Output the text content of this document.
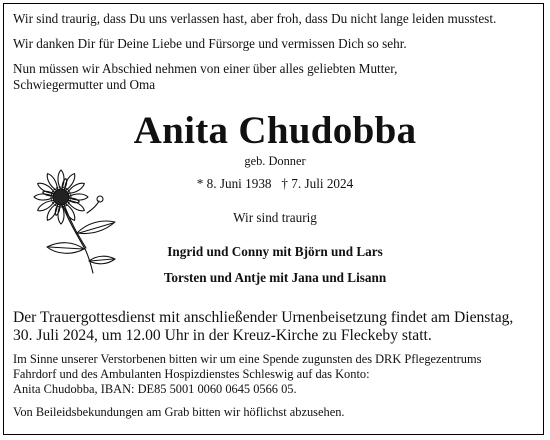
Wir sind traurig, dass Du uns verlassen hast, aber froh, dass Du nicht lange leiden musstest.
Wir danken Dir für Deine Liebe und Fürsorge und vermissen Dich so sehr.
Nun müssen wir Abschied nehmen von einer über alles geliebten Mutter,
Schwiegermutter und Oma
Anita Chudobba
geb. Donner
* 8. Juni 1938   † 7. Juli 2024
Wir sind traurig
Ingrid und Conny mit Björn und Lars
Torsten und Antje mit Jana und Lisann
Der Trauergottesdienst mit anschließender Urnenbeisetzung findet am Dienstag,
30. Juli 2024, um 12.00 Uhr in der Kreuz-Kirche zu Fleckeby statt.
Im Sinne unserer Verstorbenen bitten wir um eine Spende zugunsten des DRK Pflegezentrums
Fahrdorf und des Ambulanten Hospizdienstes Schleswig auf das Konto:
Anita Chudobba, IBAN: DE85 5001 0060 0645 0566 05.
Von Beileidsbekundungen am Grab bitten wir höflichst abzusehen.
